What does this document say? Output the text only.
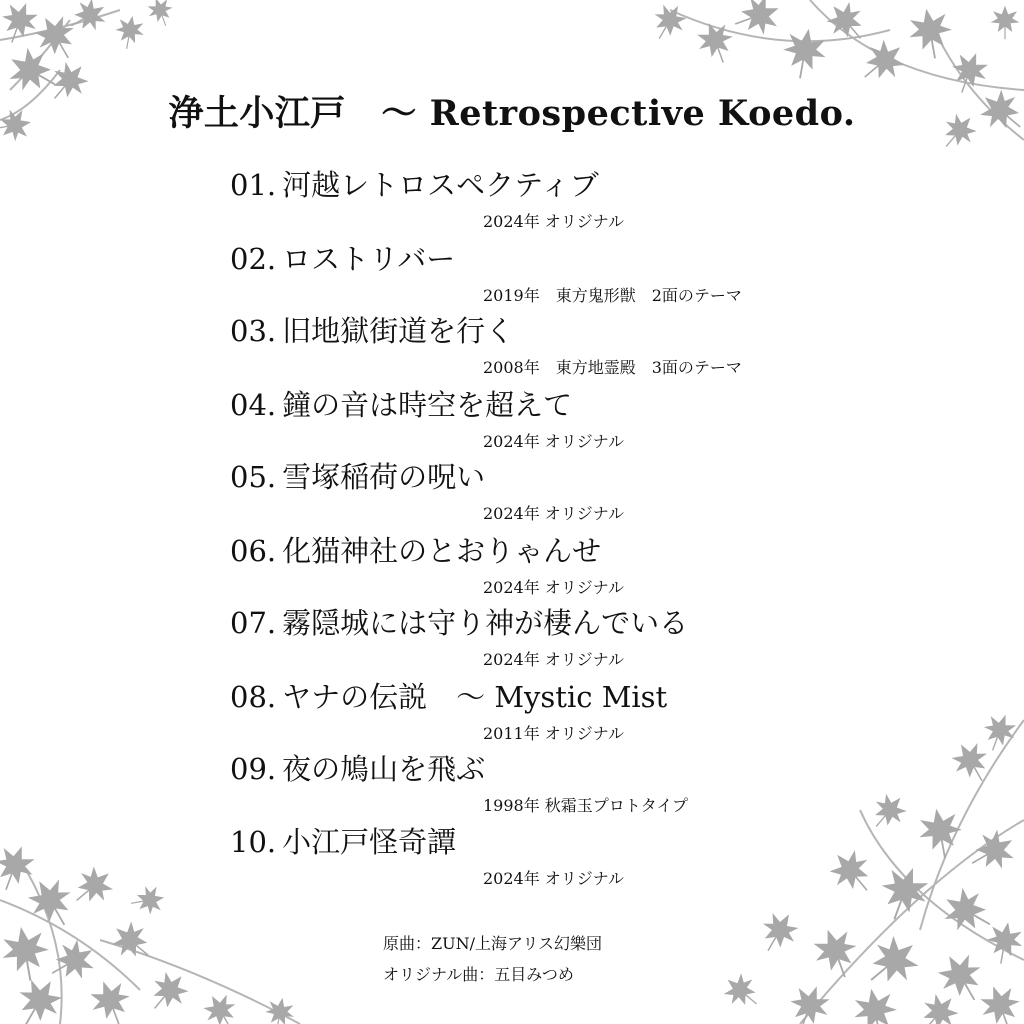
浄土小江戸　～ Retrospective Koedo.
01. 河越レトロスペクティブ
2024年 オリジナル
02. ロストリバー
2019年　東方鬼形獣　2面のテーマ
03. 旧地獄街道を行く
2008年　東方地霊殿　3面のテーマ
04. 鐘の音は時空を超えて
2024年 オリジナル
05. 雪塚稲荷の呪い
2024年 オリジナル
06. 化猫神社のとおりゃんせ
2024年 オリジナル
07. 霧隠城には守り神が棲んでいる
2024年 オリジナル
08. ヤナの伝説　～ Mystic Mist
2011年 オリジナル
09. 夜の鳩山を飛ぶ
1998年 秋霜玉プロトタイプ
10. 小江戸怪奇譚
2024年 オリジナル
原曲：ZUN/上海アリス幻樂団
オリジナル曲：五目みつめ
